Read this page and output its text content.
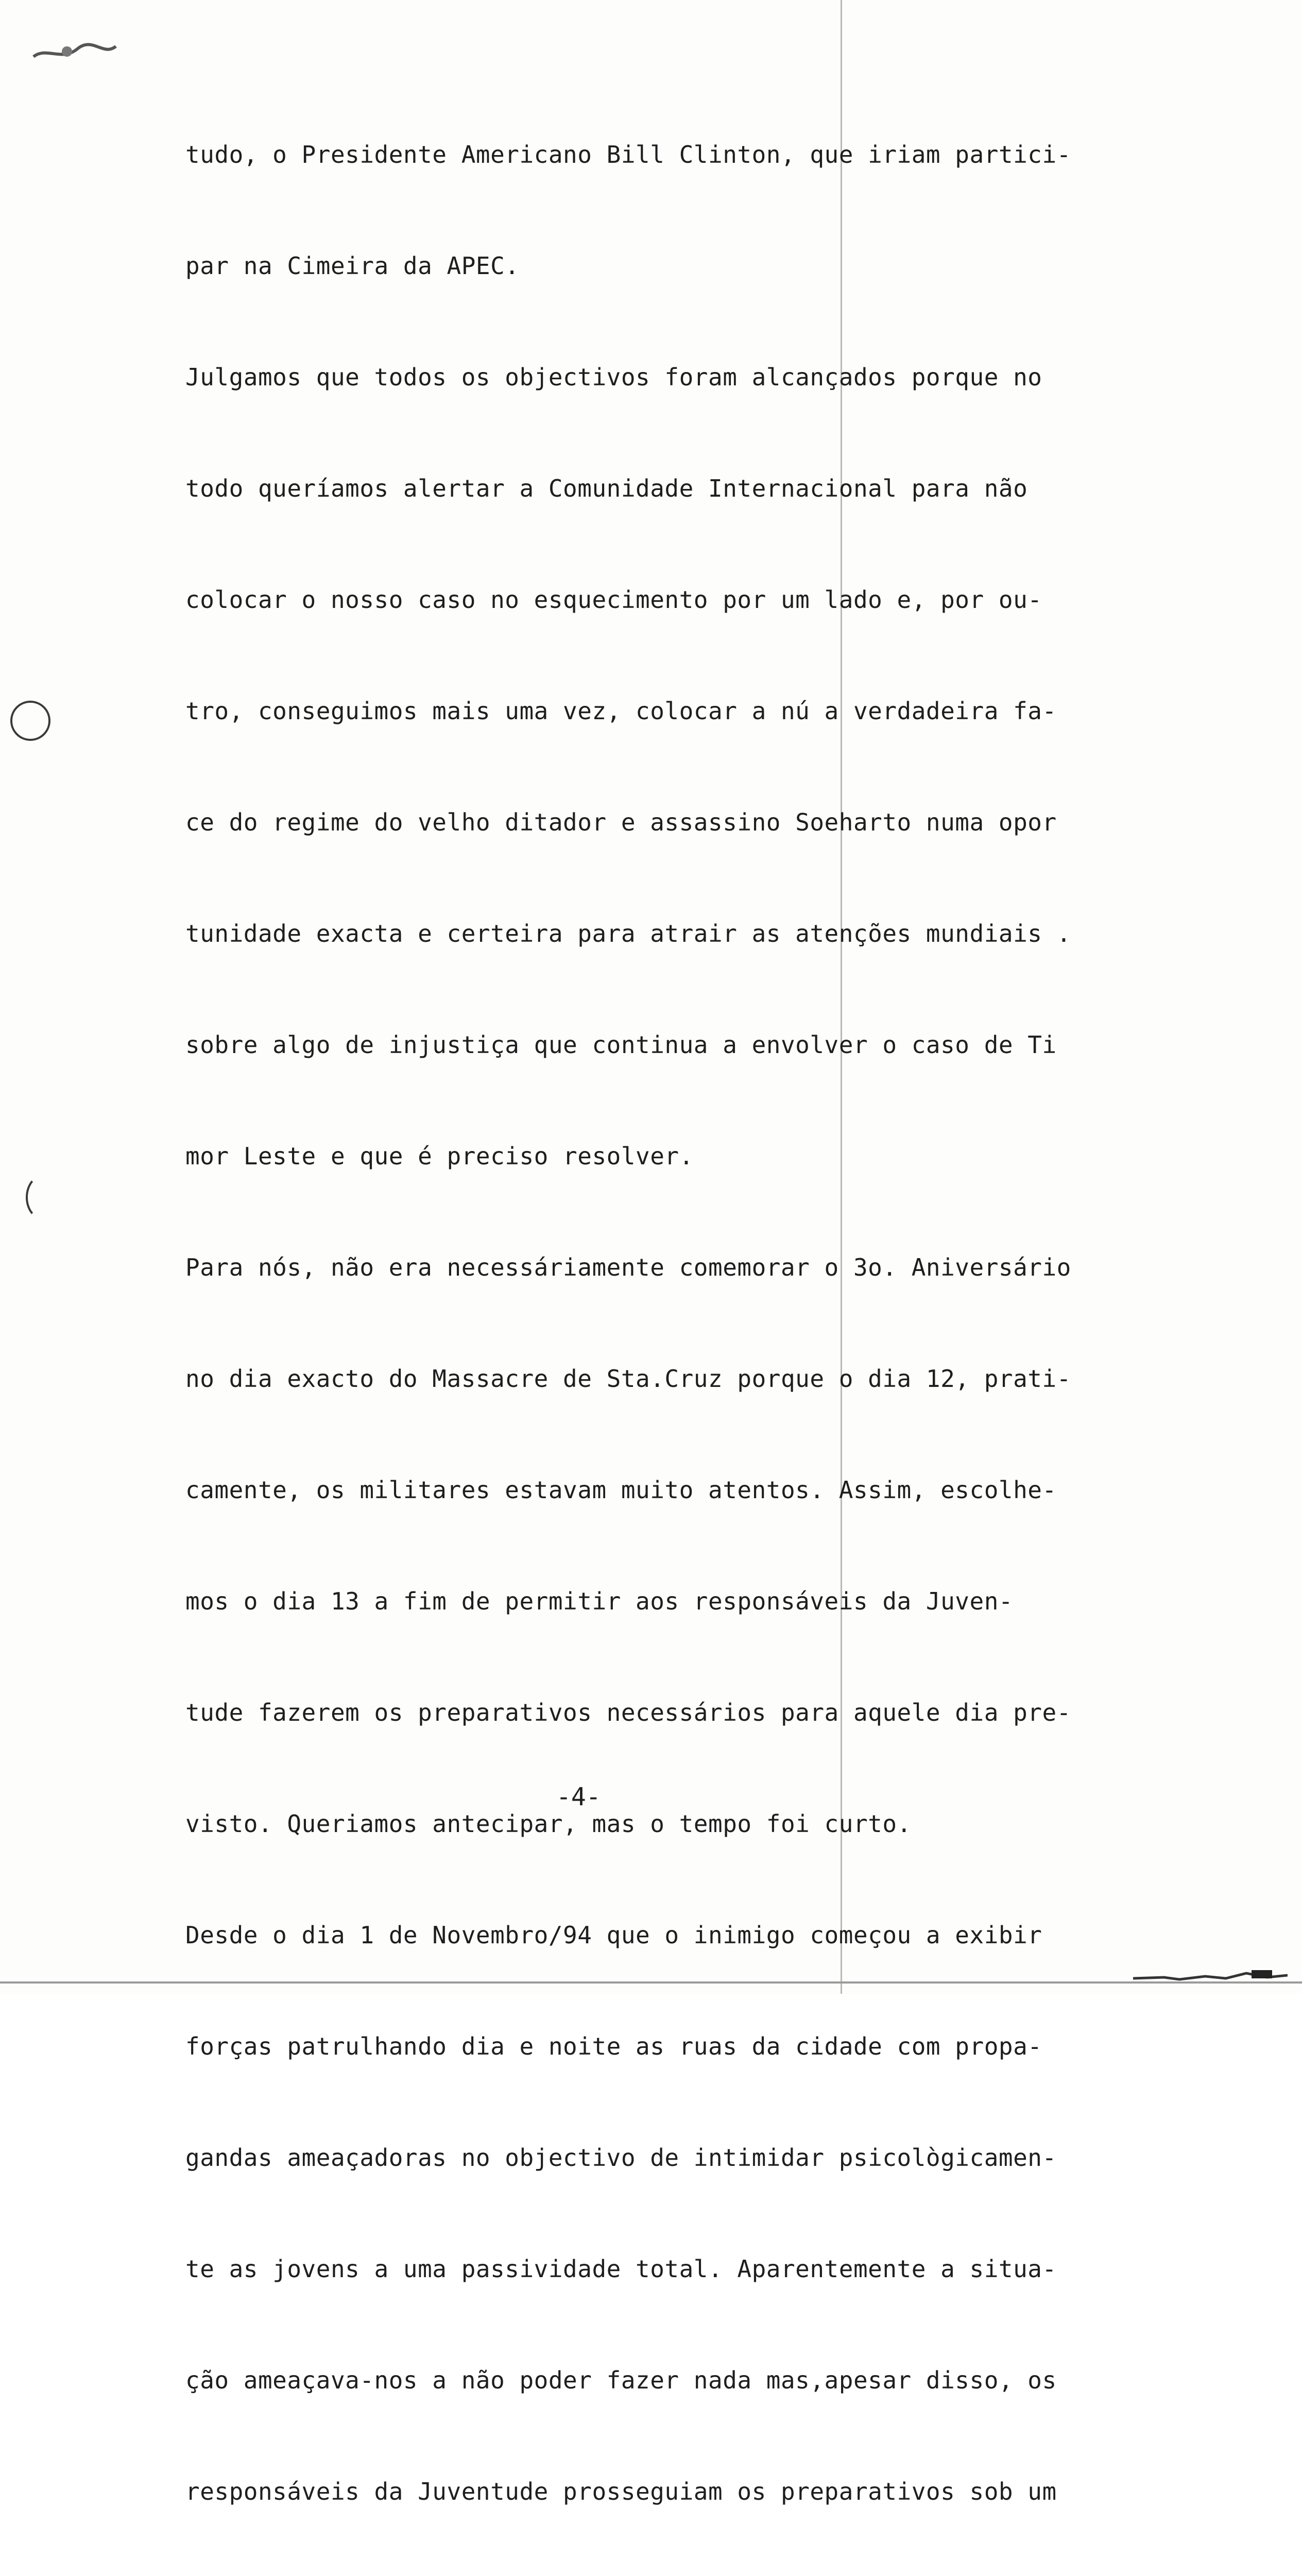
tudo, o Presidente Americano Bill Clinton, que iriam partici-

par na Cimeira da APEC.

Julgamos que todos os objectivos foram alcançados porque no

todo queríamos alertar a Comunidade Internacional para não

colocar o nosso caso no esquecimento por um lado e, por ou-

tro, conseguimos mais uma vez, colocar a nú a verdadeira fa-

ce do regime do velho ditador e assassino Soeharto numa opor

tunidade exacta e certeira para atrair as atenções mundiais .

sobre algo de injustiça que continua a envolver o caso de Ti

mor Leste e que é preciso resolver.

Para nós, não era necessáriamente comemorar o 3o. Aniversário

no dia exacto do Massacre de Sta.Cruz porque o dia 12, prati-

camente, os militares estavam muito atentos. Assim, escolhe-

mos o dia 13 a fim de permitir aos responsáveis da Juven-

tude fazerem os preparativos necessários para aquele dia pre-

visto. Queriamos antecipar, mas o tempo foi curto.

Desde o dia 1 de Novembro/94 que o inimigo começou a exibir

forças patrulhando dia e noite as ruas da cidade com propa-

gandas ameaçadoras no objectivo de intimidar psicològicamen-

te as jovens a uma passividade total. Aparentemente a situa-

ção ameaçava-nos a não poder fazer nada mas,apesar disso, os

responsáveis da Juventude prosseguiam os preparativos sob um

-4-
